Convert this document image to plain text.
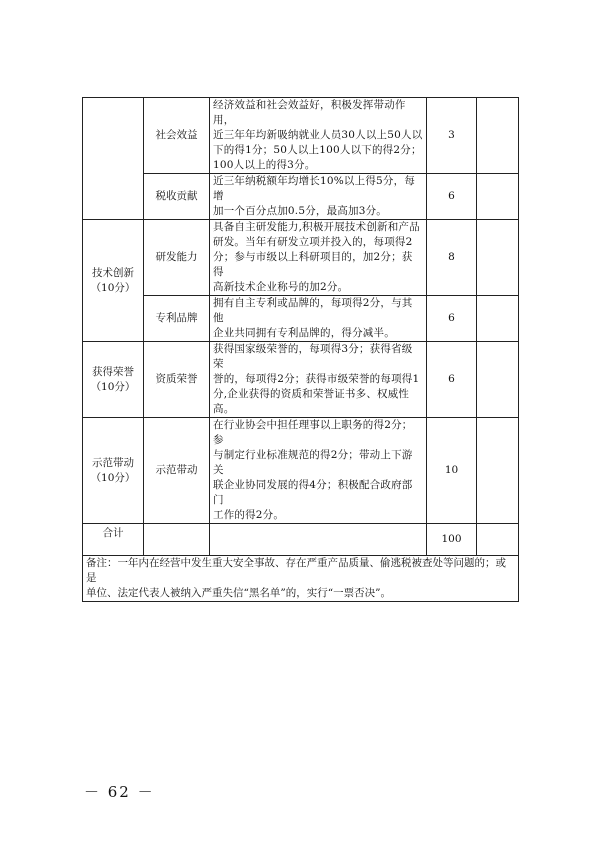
	社会效益	经济效益和社会效益好，积极发挥带动作用，
近三年年均新吸纳就业人员30人以上50人以
下的得1分；50人以上100人以下的得2分；
100人以上的得3分。	3	
	税收贡献	近三年纳税额年均增长10%以上得5分，每增
加一个百分点加0.5分，最高加3分。	6	

技术创新
（10分）	研发能力	具备自主研发能力,积极开展技术创新和产品
研发。当年有研发立项并投入的，每项得2
分；参与市级以上科研项目的，加2分；获得
高新技术企业称号的加2分。	8	
	专利品牌	拥有自主专利或品牌的，每项得2分，与其他
企业共同拥有专利品牌的，得分减半。	6	

获得荣誉
（10分）	资质荣誉	获得国家级荣誉的，每项得3分；获得省级荣
誉的，每项得2分；获得市级荣誉的每项得1
分,企业获得的资质和荣誉证书多、权威性高。	6	

示范带动
（10分）	示范带动	在行业协会中担任理事以上职务的得2分；参
与制定行业标准规范的得2分；带动上下游关
联企业协同发展的得4分；积极配合政府部门
工作的得2分。	10	
合计			100	

备注：一年内在经营中发生重大安全事故、存在严重产品质量、偷逃税被查处等问题的；或是
单位、法定代表人被纳入严重失信“黑名单”的，实行“一票否决”。				
－ 62 －
